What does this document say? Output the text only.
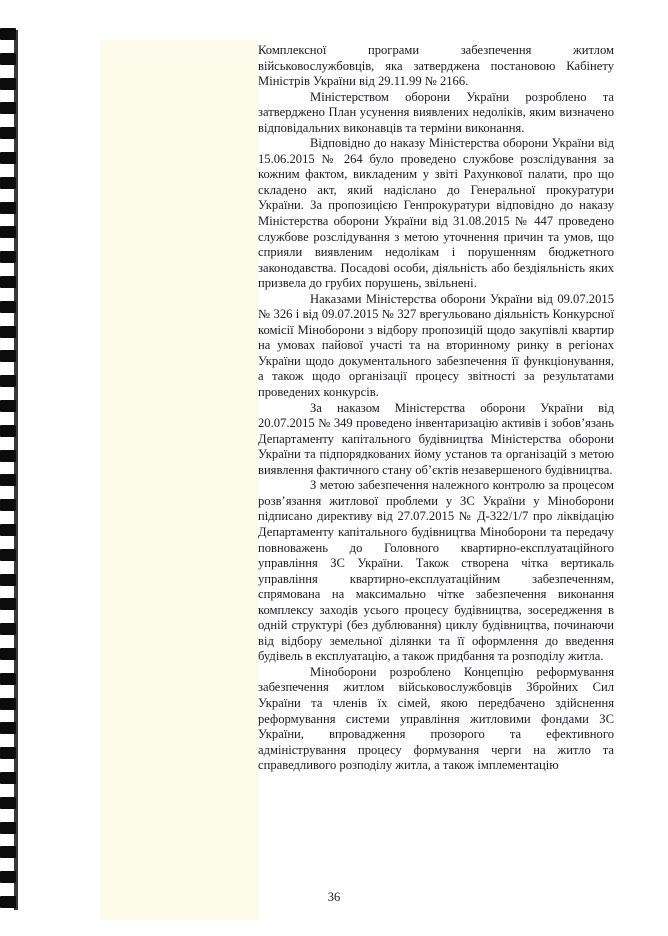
Комплексної програми забезпечення житлом військовослужбовців, яка затверджена постановою Кабінету Міністрів України від 29.11.99 № 2166.

Міністерством оборони України розроблено та затверджено План усунення виявлених недоліків, яким визначено відповідальних виконавців та терміни виконання.

Відповідно до наказу Міністерства оборони України від 15.06.2015 № 264 було проведено службове розслідування за кожним фактом, викладеним у звіті Рахункової палати, про що складено акт, який надіслано до Генеральної прокуратури України. За пропозицією Генпрокуратури відповідно до наказу Міністерства оборони України від 31.08.2015 № 447 проведено службове розслідування з метою уточнення причин та умов, що сприяли виявленим недолікам і порушенням бюджетного законодавства. Посадові особи, діяльність або бездіяльність яких призвела до грубих порушень, звільнені.

Наказами Міністерства оборони України від 09.07.2015 № 326 і від 09.07.2015 № 327 врегульовано діяльність Конкурсної комісії Міноборони з відбору пропозицій щодо закупівлі квартир на умовах пайової участі та на вторинному ринку в регіонах України щодо документального забезпечення її функціонування, а також щодо організації процесу звітності за результатами проведених конкурсів.

За наказом Міністерства оборони України від 20.07.2015 № 349 проведено інвентаризацію активів і зобов’язань Департаменту капітального будівництва Міністерства оборони України та підпорядкованих йому установ та організацій з метою виявлення фактичного стану об’єктів незавершеного будівництва.

З метою забезпечення належного контролю за процесом розв’язання житлової проблеми у ЗС України у Міноборони підписано директиву від 27.07.2015 № Д-322/1/7 про ліквідацію Департаменту капітального будівництва Міноборони та передачу повноважень до Головного квартирно-експлуатаційного управління ЗС України. Також створена чітка вертикаль управління квартирно-експлуатаційним забезпеченням, спрямована на максимально чітке забезпечення виконання комплексу заходів усього процесу будівництва, зосередження в одній структурі (без дублювання) циклу будівництва, починаючи від відбору земельної ділянки та її оформлення до введення будівель в експлуатацію, а також придбання та розподілу житла.

Міноборони розроблено Концепцію реформування забезпечення житлом військовослужбовців Збройних Сил України та членів їх сімей, якою передбачено здійснення реформування системи управління житловими фондами ЗС України, впровадження прозорого та ефективного адміністрування процесу формування черги на житло та справедливого розподілу житла, а також імплементацію

36
